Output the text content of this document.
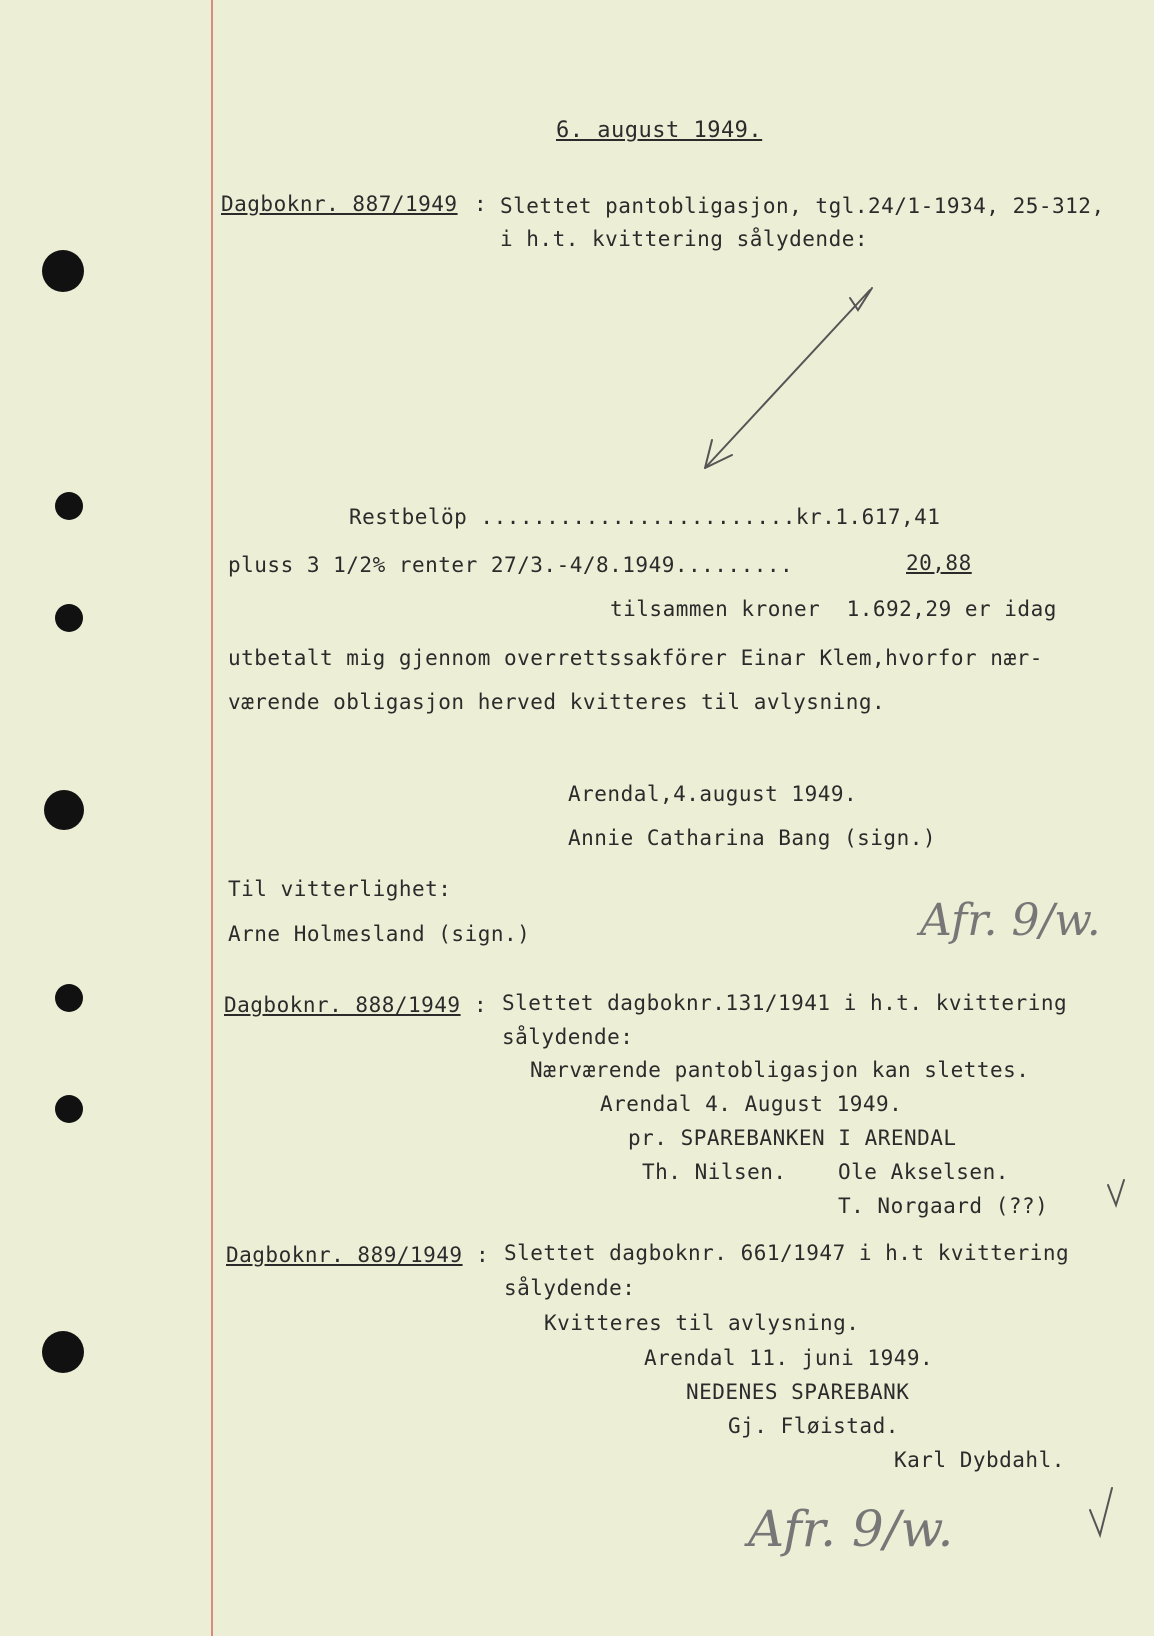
6. august 1949.
Dagboknr. 887/1949 : Slettet pantobligasjon, tgl.24/1-1934, 25-312,
i h.t. kvittering sålydende:
Restbelöp ........................kr.1.617,41
pluss 3 1/2% renter 27/3.-4/8.1949.........	20,88
tilsammen kroner  1.692,29 er idag
utbetalt mig gjennom overrettssakförer Einar Klem,hvorfor nær-
værende obligasjon herved kvitteres til avlysning.
Arendal,4.august 1949.
Annie Catharina Bang (sign.)
Til vitterlighet:
Arne Holmesland (sign.)	Afr. 9/w.
Dagboknr. 888/1949 : Slettet dagboknr.131/1941 i h.t. kvittering
sålydende:
Nærværende pantobligasjon kan slettes.
Arendal 4. August 1949.
pr. SPAREBANKEN I ARENDAL
Th. Nilsen. Ole Akselsen.
T. Norgaard (??)
Dagboknr. 889/1949 : Slettet dagboknr. 661/1947 i h.t kvittering
sålydende:
Kvitteres til avlysning.
Arendal 11. juni 1949.
NEDENES SPAREBANK
Gj. Fløistad.
Karl Dybdahl.
Afr. 9/w.
